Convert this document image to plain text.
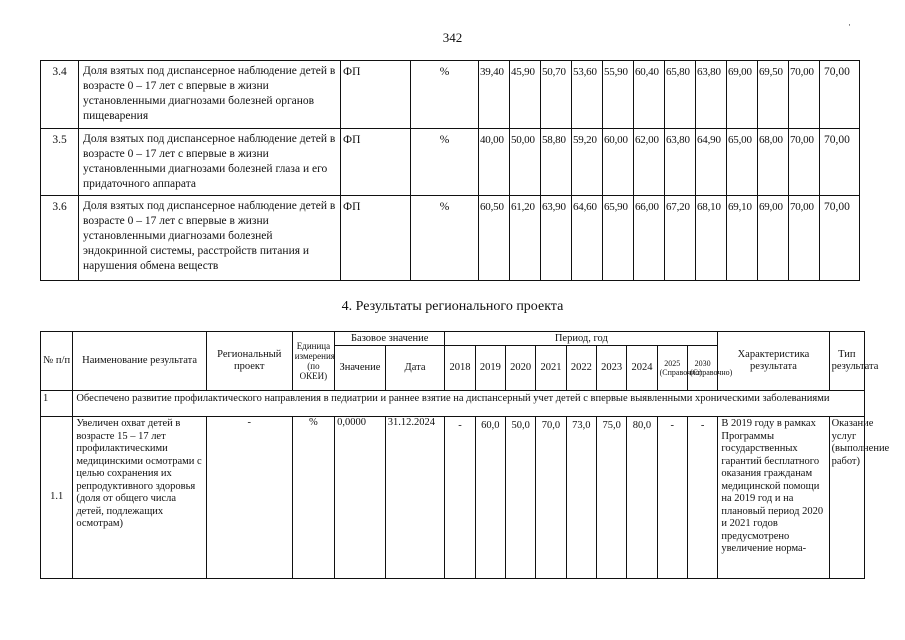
342
·
3.4	Доля взятых под диспансерное наблюдение детей в возрасте 0 – 17 лет с впервые в жизни установленными диагнозами болезней органов пищеварения	ФП	%	39,40	45,90	50,70	53,60	55,90	60,40	65,80	63,80	69,00	69,50	70,00	70,00
3.5	Доля взятых под диспансерное наблюдение детей в возрасте 0 – 17 лет с впервые в жизни установленными диагнозами болезней глаза и его придаточного аппарата	ФП	%	40,00	50,00	58,80	59,20	60,00	62,00	63,80	64,90	65,00	68,00	70,00	70,00
3.6	Доля взятых под диспансерное наблюдение детей в возрасте 0 – 17 лет с впервые в жизни установленными диагнозами болезней эндокринной системы, расстройств питания и нарушения обмена веществ	ФП	%	60,50	61,20	63,90	64,60	65,90	66,00	67,20	68,10	69,10	69,00	70,00	70,00
4. Результаты регионального проекта
№ п/п	Наименование результата	Региональный проект	Единица измерения (по ОКЕИ)	Базовое значение		Период, год									Характеристика результата	Тип результата
				Значение	Дата	2018	2019	2020	2021	2022	2023	2024	2025 (Справочно)	2030 (Справочно)		
1	Обеспечено развитие профилактического направления в педиатрии и раннее взятие на диспансерный учет детей с впервые выявленными хроническими заболеваниями															
1.1	Увеличен охват детей в возрасте 15 – 17 лет профилактическими медицинскими осмотрами с целью сохранения их репродуктивного здоровья (доля от общего числа детей, подлежащих осмотрам)	-	%	0,0000	31.12.2024	-	60,0	50,0	70,0	73,0	75,0	80,0	-	-	В 2019 году в рамках Программы государственных гарантий бесплатного оказания гражданам медицинской помощи на 2019 год и на плановый период 2020 и 2021 годов предусмотрено увеличение норма-	Оказание услуг (выполнение работ)
